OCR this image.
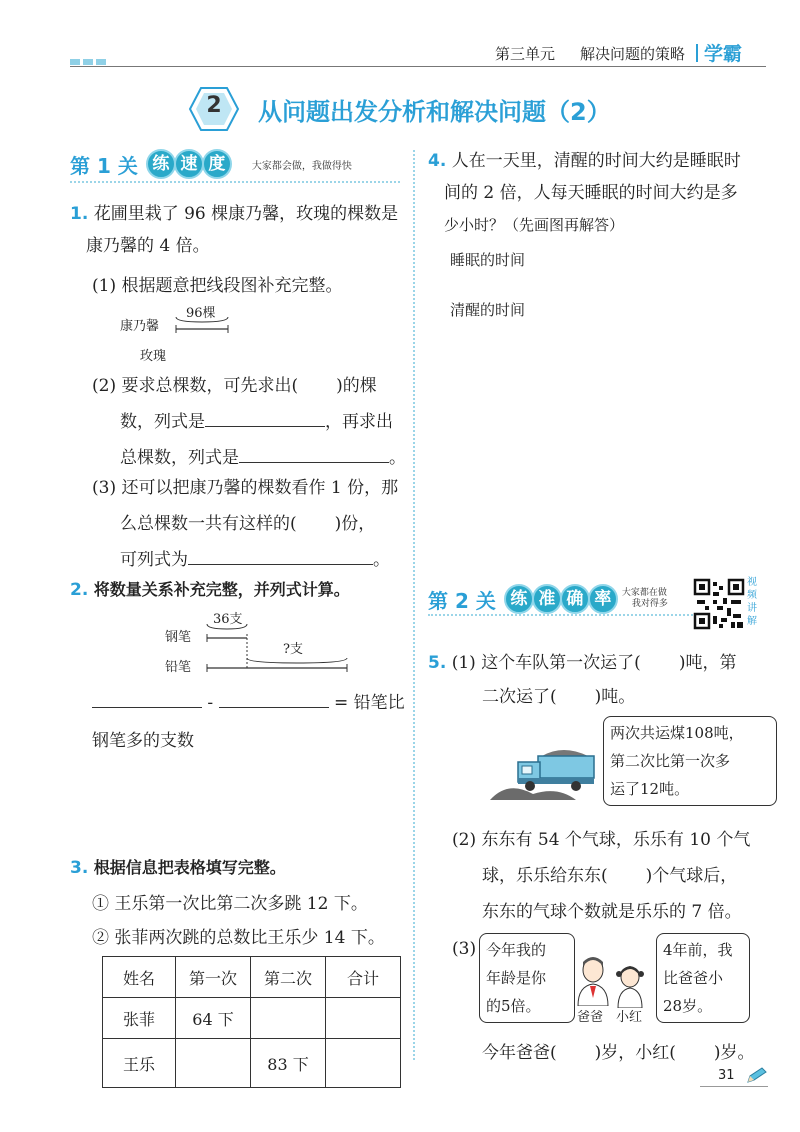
第三单元 解决问题的策略 学霸
2	从问题出发分析和解决问题（2）
第 1 关 练 速 度	大家都会做，我做得快
1. 花圃里栽了 96 棵康乃馨，玫瑰的棵数是
康乃馨的 4 倍。
(1) 根据题意把线段图补充完整。
康乃馨
96棵
玫瑰
(2) 要求总棵数，可先求出( )的棵
数，列式是	，再求出
总棵数，列式是	。
(3) 还可以把康乃馨的棵数看作 1 份，那
么总棵数一共有这样的( )份，
可列式为	。
2. 将数量关系补充完整，并列式计算。
钢笔
36支
铅笔
?支
-	= 铅笔比
钢笔多的支数
3. 根据信息把表格填写完整。
① 王乐第一次比第二次多跳 12 下。
② 张菲两次跳的总数比王乐少 14 下。
姓名	第一次	第二次	合计
张菲	64 下		
王乐		83 下	
4. 人在一天里，清醒的时间大约是睡眠时
间的 2 倍，人每天睡眠的时间大约是多
少小时？（先画图再解答）
睡眠的时间
清醒的时间
第 2 关 练 准 确 率	大家都在做
我对得多
视频讲解
5. (1) 这个车队第一次运了( )吨，第
二次运了( )吨。
两次共运煤108吨，
第二次比第一次多
运了12吨。
(2) 东东有 54 个气球，乐乐有 10 个气
球，乐乐给东东( )个气球后，
东东的气球个数就是乐乐的 7 倍。
(3) 今年我的
年龄是你
的5倍。
爸爸 小红
4年前，我
比爸爸小
28岁。
今年爸爸( )岁，小红( )岁。
31
